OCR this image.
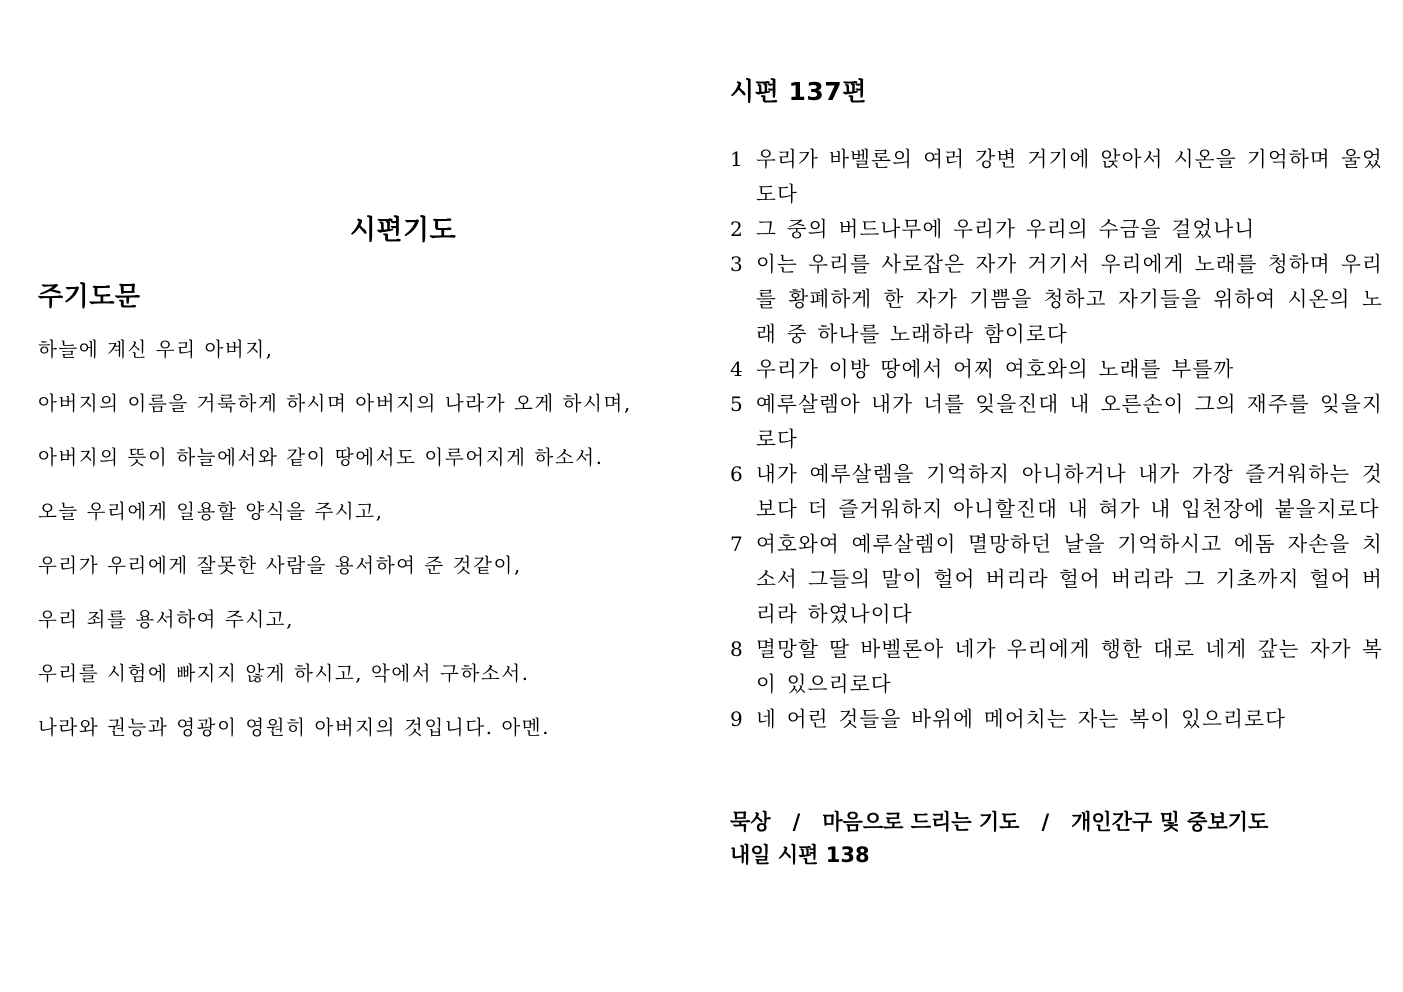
시편기도
주기도문
하늘에 계신 우리 아버지,
아버지의 이름을 거룩하게 하시며 아버지의 나라가 오게 하시며,
아버지의 뜻이 하늘에서와 같이 땅에서도 이루어지게 하소서.
오늘 우리에게 일용할 양식을 주시고,
우리가 우리에게 잘못한 사람을 용서하여 준 것같이,
우리 죄를 용서하여 주시고,
우리를 시험에 빠지지 않게 하시고, 악에서 구하소서.
나라와 권능과 영광이 영원히 아버지의 것입니다. 아멘.
시편 137편
1 우리가 바벨론의 여러 강변 거기에 앉아서 시온을 기억하며 울었도다
2 그 중의 버드나무에 우리가 우리의 수금을 걸었나니
3 이는 우리를 사로잡은 자가 거기서 우리에게 노래를 청하며 우리를 황폐하게 한 자가 기쁨을 청하고 자기들을 위하여 시온의 노래 중 하나를 노래하라 함이로다
4 우리가 이방 땅에서 어찌 여호와의 노래를 부를까
5 예루살렘아 내가 너를 잊을진대 내 오른손이 그의 재주를 잊을지로다
6 내가 예루살렘을 기억하지 아니하거나 내가 가장 즐거워하는 것보다 더 즐거워하지 아니할진대 내 혀가 내 입천장에 붙을지로다
7 여호와여 예루살렘이 멸망하던 날을 기억하시고 에돔 자손을 치소서 그들의 말이 헐어 버리라 헐어 버리라 그 기초까지 헐어 버리라 하였나이다
8 멸망할 딸 바벨론아 네가 우리에게 행한 대로 네게 갚는 자가 복이 있으리로다
9 네 어린 것들을 바위에 메어치는 자는 복이 있으리로다
묵상 / 마음으로 드리는 기도 / 개인간구 및 중보기도
내일 시편 138
